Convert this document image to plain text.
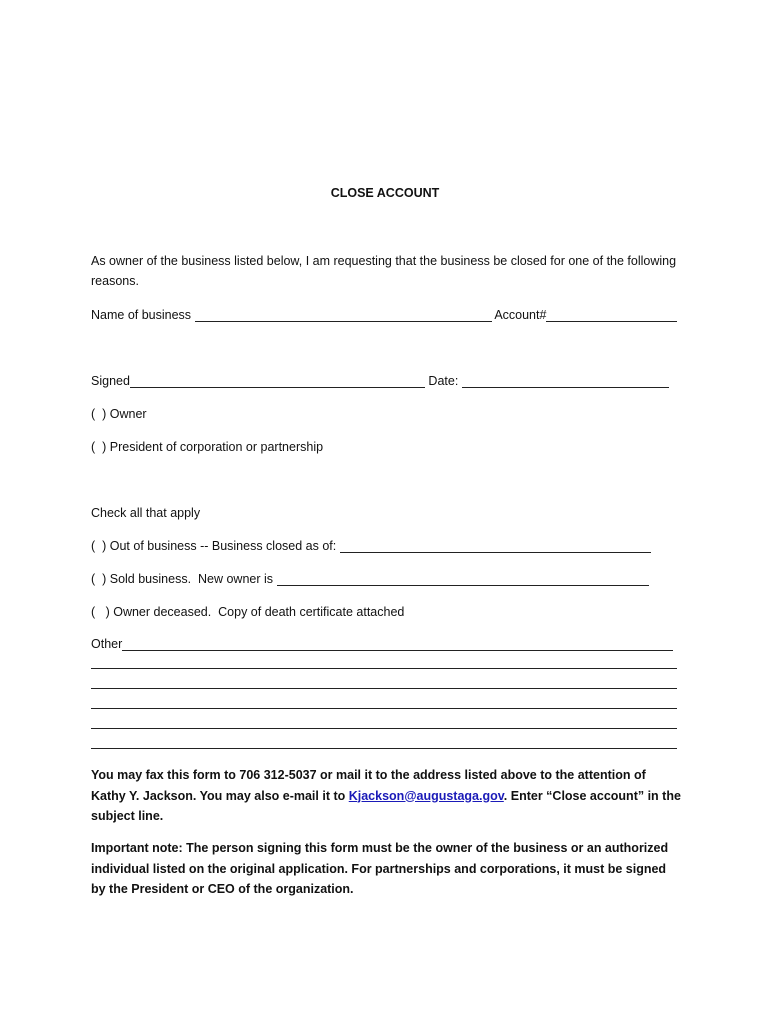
CLOSE ACCOUNT
As owner of the business listed below, I am requesting that the business be closed for one of the following reasons.
Name of business	Account#
Signed	Date:
(  ) Owner
(  ) President of corporation or partnership
Check all that apply
(  ) Out of business -- Business closed as of:
(  ) Sold business.  New owner is
(   ) Owner deceased.  Copy of death certificate attached
Other
You may fax this form to 706 312-5037 or mail it to the address listed above to the attention of Kathy Y. Jackson. You may also e-mail it to Kjackson@augustaga.gov. Enter “Close account” in the subject line.
Important note: The person signing this form must be the owner of the business or an authorized individual listed on the original application. For partnerships and corporations, it must be signed by the President or CEO of the organization.
